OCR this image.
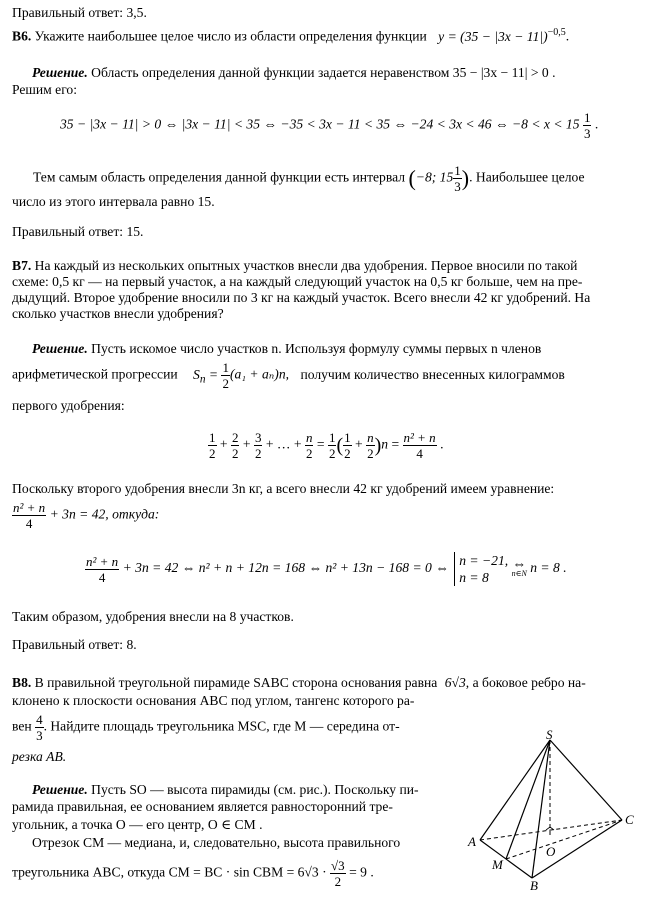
Правильный ответ: 3,5.
B6. Укажите наибольшее целое число из области определения функции $y = (35 - |3x - 11|)^{-0,5}$.
Решение. Область определения данной функции задается неравенством 35 − |3x − 11| > 0 .
Решим его:
35 − |3x − 11| > 0 ⇔ |3x − 11| < 35 ⇔ −35 < 3x − 11 < 35 ⇔ −24 < 3x < 46 ⇔ $-8 < x < 15 \frac{1}{3}$ .
Тем самым область определения данной функции есть интервал (−8; $15 \frac{1}{3}$ ). Наибольшее целое
число из этого интервала равно 15.
Правильный ответ: 15.
B7. На каждый из нескольких опытных участков внесли два удобрения. Первое вносили по такой
схеме: 0,5 кг — на первый участок, а на каждый следующий участок на 0,5 кг больше, чем на пре-
дыдущий. Второе удобрение вносили по 3 кг на каждый участок. Всего внесли 42 кг удобрений. На
сколько участков внесли удобрения?
Решение. Пусть искомое число участков n. Используя формулу суммы первых n членов
арифметической прогрессии $S_n = \frac{1}{2} (a_1 + a_n)n$, получим количество внесенных килограммов
первого удобрения:
$\frac{1}{2} + \frac{2}{2} + \frac{3}{2}$ + … + $\frac{n}{2} = \frac{1}{2}$ ( $\frac{1}{2} + \frac{n}{2} )n = \frac{\text{n² + n}}{4}$ .
Поскольку второго удобрения внесли 3n кг, а всего внесли 42 кг удобрений имеем уравнение:
$\frac{\text{n² + n}}{4} + 3n = 42$, откуда:
$\frac{\text{n² + n}}{4} + 3n = 42$ ⇔ n² + n + 12n = 168 ⇔ n² + 13n − 168 = 0 ⇔ n = −21,
n = 8

⇔
n∈N n = 8 .
Таким образом, удобрения внесли на 8 участков.
Правильный ответ: 8.
B8. В правильной треугольной пирамиде SABC сторона основания равна 6√3, а боковое ребро на-
клонено к плоскости основания ABC под углом, тангенс которого ра-
вен $\frac{4}{3}$ . Найдите площадь треугольника MSC, где M — середина от-
резка AB.
Решение. Пусть SO — высота пирамиды (см. рис.). Поскольку пи-
рамида правильная, ее основанием является равносторонний тре-
угольник, а точка O — его центр, O ∈ CM .
Отрезок CM — медиана, и, следовательно, высота правильного
треугольника ABC, откуда CM = BC · sin CBM = $6√3 \cdot \frac{√3}{2} = 9$ .
S
A
B
C
M
O
